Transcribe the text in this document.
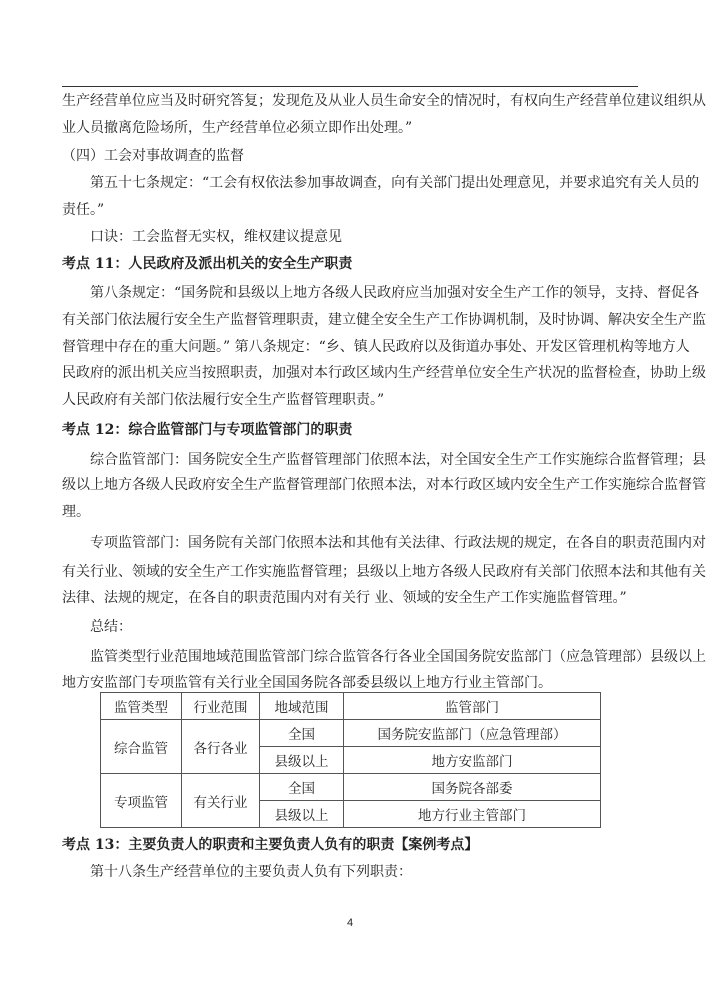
生产经营单位应当及时研究答复；发现危及从业人员生命安全的情况时，有权向生产经营单位建议组织从
业人员撤离危险场所，生产经营单位必须立即作出处理。”
（四）工会对事故调查的监督
第五十七条规定：“工会有权依法参加事故调查，向有关部门提出处理意见，并要求追究有关人员的
责任。”
口诀：工会监督无实权，维权建议提意见
考点 11：人民政府及派出机关的安全生产职责
第八条规定：“国务院和县级以上地方各级人民政府应当加强对安全生产工作的领导，支持、督促各
有关部门依法履行安全生产监督管理职责，建立健全安全生产工作协调机制，及时协调、解决安全生产监
督管理中存在的重大问题。” 第八条规定：“乡、镇人民政府以及街道办事处、开发区管理机构等地方人
民政府的派出机关应当按照职责，加强对本行政区域内生产经营单位安全生产状况的监督检查，协助上级
人民政府有关部门依法履行安全生产监督管理职责。”
考点 12：综合监管部门与专项监管部门的职责
综合监管部门：国务院安全生产监督管理部门依照本法，对全国安全生产工作实施综合监督管理；县
级以上地方各级人民政府安全生产监督管理部门依照本法，对本行政区域内安全生产工作实施综合监督管
理。
专项监管部门：国务院有关部门依照本法和其他有关法律、行政法规的规定，在各自的职责范围内对
有关行业、领域的安全生产工作实施监督管理；县级以上地方各级人民政府有关部门依照本法和其他有关
法律、法规的规定，在各自的职责范围内对有关行 业、领域的安全生产工作实施监督管理。”
总结：
监管类型行业范围地域范围监管部门综合监管各行各业全国国务院安监部门（应急管理部）县级以上
地方安监部门专项监管有关行业全国国务院各部委县级以上地方行业主管部门。
监管类型	行业范围	地域范围	监管部门
综合监管	各行各业	全国	国务院安监部门（应急管理部）
		县级以上	地方安监部门
专项监管	有关行业	全国	国务院各部委
		县级以上	地方行业主管部门
考点 13：主要负责人的职责和主要负责人负有的职责【案例考点】
第十八条生产经营单位的主要负责人负有下列职责：
4
